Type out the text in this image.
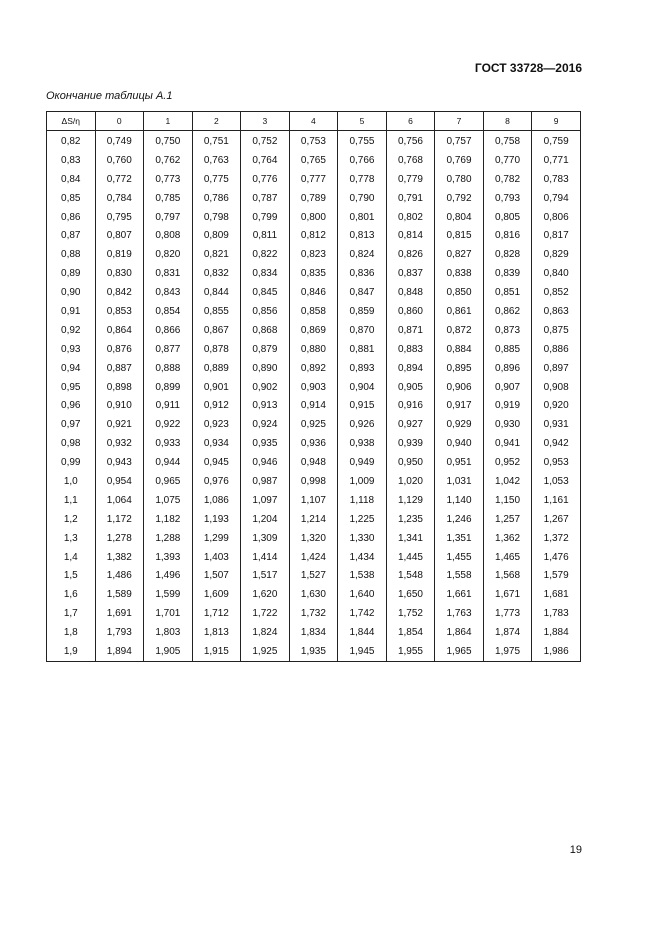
ГОСТ 33728—2016
Окончание таблицы А.1
ΔS/η	0	1	2	3	4	5	6	7	8	9
0,82	0,749	0,750	0,751	0,752	0,753	0,755	0,756	0,757	0,758	0,759
0,83	0,760	0,762	0,763	0,764	0,765	0,766	0,768	0,769	0,770	0,771
0,84	0,772	0,773	0,775	0,776	0,777	0,778	0,779	0,780	0,782	0,783
0,85	0,784	0,785	0,786	0,787	0,789	0,790	0,791	0,792	0,793	0,794
0,86	0,795	0,797	0,798	0,799	0,800	0,801	0,802	0,804	0,805	0,806
0,87	0,807	0,808	0,809	0,811	0,812	0,813	0,814	0,815	0,816	0,817
0,88	0,819	0,820	0,821	0,822	0,823	0,824	0,826	0,827	0,828	0,829
0,89	0,830	0,831	0,832	0,834	0,835	0,836	0,837	0,838	0,839	0,840
0,90	0,842	0,843	0,844	0,845	0,846	0,847	0,848	0,850	0,851	0,852
0,91	0,853	0,854	0,855	0,856	0,858	0,859	0,860	0,861	0,862	0,863
0,92	0,864	0,866	0,867	0,868	0,869	0,870	0,871	0,872	0,873	0,875
0,93	0,876	0,877	0,878	0,879	0,880	0,881	0,883	0,884	0,885	0,886
0,94	0,887	0,888	0,889	0,890	0,892	0,893	0,894	0,895	0,896	0,897
0,95	0,898	0,899	0,901	0,902	0,903	0,904	0,905	0,906	0,907	0,908
0,96	0,910	0,911	0,912	0,913	0,914	0,915	0,916	0,917	0,919	0,920
0,97	0,921	0,922	0,923	0,924	0,925	0,926	0,927	0,929	0,930	0,931
0,98	0,932	0,933	0,934	0,935	0,936	0,938	0,939	0,940	0,941	0,942
0,99	0,943	0,944	0,945	0,946	0,948	0,949	0,950	0,951	0,952	0,953
1,0	0,954	0,965	0,976	0,987	0,998	1,009	1,020	1,031	1,042	1,053
1,1	1,064	1,075	1,086	1,097	1,107	1,118	1,129	1,140	1,150	1,161
1,2	1,172	1,182	1,193	1,204	1,214	1,225	1,235	1,246	1,257	1,267
1,3	1,278	1,288	1,299	1,309	1,320	1,330	1,341	1,351	1,362	1,372
1,4	1,382	1,393	1,403	1,414	1,424	1,434	1,445	1,455	1,465	1,476
1,5	1,486	1,496	1,507	1,517	1,527	1,538	1,548	1,558	1,568	1,579
1,6	1,589	1,599	1,609	1,620	1,630	1,640	1,650	1,661	1,671	1,681
1,7	1,691	1,701	1,712	1,722	1,732	1,742	1,752	1,763	1,773	1,783
1,8	1,793	1,803	1,813	1,824	1,834	1,844	1,854	1,864	1,874	1,884
1,9	1,894	1,905	1,915	1,925	1,935	1,945	1,955	1,965	1,975	1,986
19
